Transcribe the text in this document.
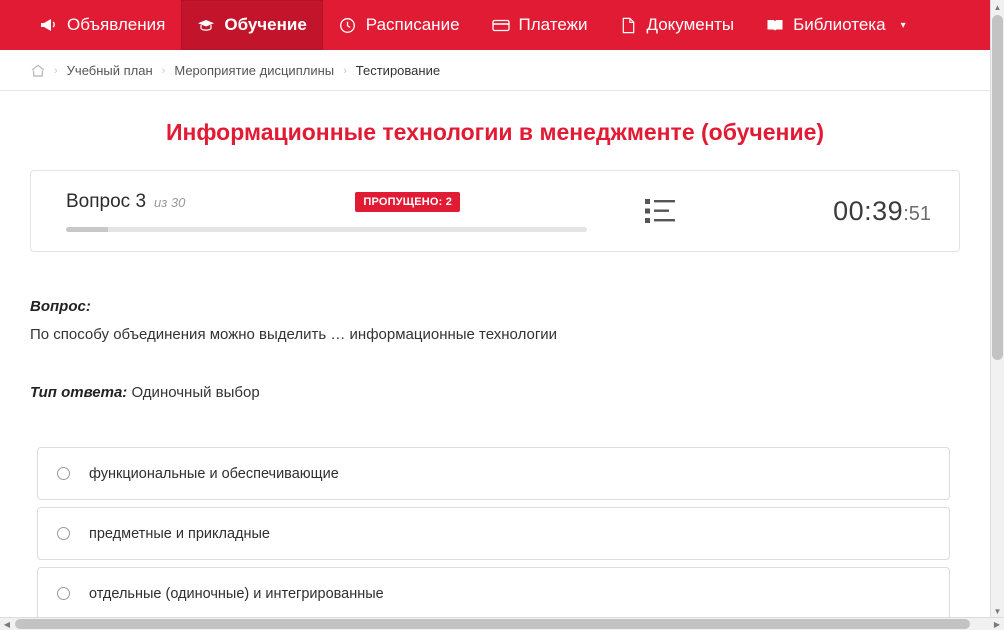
Объявления	Обучение	Расписание	Платежи	Документы	Библиотека ▾
› Учебный план › Мероприятие дисциплины › Тестирование
Информационные технологии в менеджменте (обучение)
Вопрос 3 из 30	ПРОПУЩЕНО: 2	00:39:51
Вопрос:
По способу объединения можно выделить … информационные технологии
Тип ответа: Одиночный выбор
функциональные и обеспечивающие
предметные и прикладные
отдельные (одиночные) и интегрированные
▲
▼
◀	▶
